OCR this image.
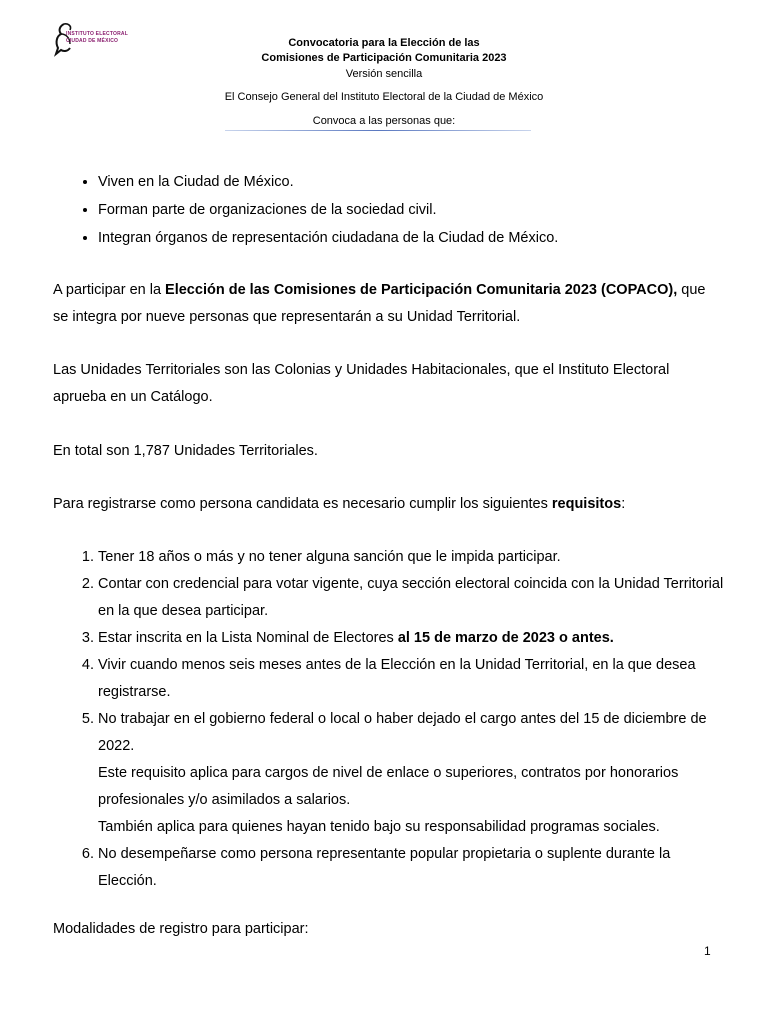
INSTITUTO ELECTORAL
CIUDAD DE MÉXICO	Convocatoria para la Elección de las
Comisiones de Participación Comunitaria 2023
Versión sencilla
El Consejo General del Instituto Electoral de la Ciudad de México
Convoca a las personas que:
• Viven en la Ciudad de México.
• Forman parte de organizaciones de la sociedad civil.
• Integran órganos de representación ciudadana de la Ciudad de México.
A participar en la Elección de las Comisiones de Participación Comunitaria 2023 (COPACO), que se integra por nueve personas que representarán a su Unidad Territorial.
Las Unidades Territoriales son las Colonias y Unidades Habitacionales, que el Instituto Electoral aprueba en un Catálogo.
En total son 1,787 Unidades Territoriales.
Para registrarse como persona candidata es necesario cumplir los siguientes requisitos:
1. Tener 18 años o más y no tener alguna sanción que le impida participar.
2. Contar con credencial para votar vigente, cuya sección electoral coincida con la Unidad Territorial en la que desea participar.
3. Estar inscrita en la Lista Nominal de Electores al 15 de marzo de 2023 o antes.
4. Vivir cuando menos seis meses antes de la Elección en la Unidad Territorial, en la que desea registrarse.
5. No trabajar en el gobierno federal o local o haber dejado el cargo antes del 15 de diciembre de 2022.
Este requisito aplica para cargos de nivel de enlace o superiores, contratos por honorarios profesionales y/o asimilados a salarios.
También aplica para quienes hayan tenido bajo su responsabilidad programas sociales.
6. No desempeñarse como persona representante popular propietaria o suplente durante la Elección.
Modalidades de registro para participar:
1
